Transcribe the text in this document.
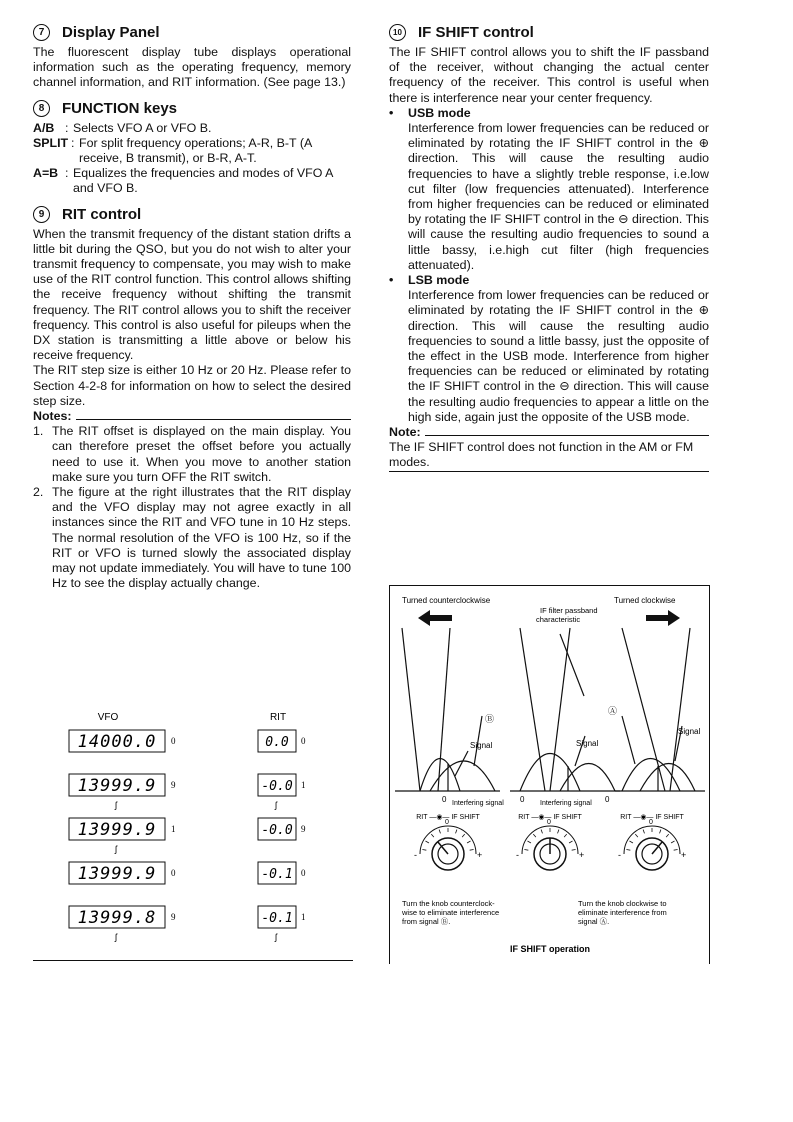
7	Display Panel

The fluorescent display tube displays operational information such as the operating frequency, memory channel information, and RIT information. (See page 13.)

8	FUNCTION keys
A/B : Selects VFO A or VFO B.
SPLIT : For split frequency operations; A-R, B-T (A receive, B transmit), or B-R, A-T.
A=B : Equalizes the frequencies and modes of VFO A and VFO B.
9	RIT control

When the transmit frequency of the distant station drifts a little bit during the QSO, but you do not wish to alter your transmit frequency to compensate, you may wish to make use of the RIT control function. This control allows shifting the receive frequency without shifting the transmit frequency. The RIT control allows you to shift the receiver frequency. This control is also useful for pileups when the DX station is transmitting a little above or below his receive frequency.

The RIT step size is either 10 Hz or 20 Hz. Please refer to Section 4-2-8 for information on how to select the desired step size.

Notes:
1. The RIT offset is displayed on the main display. You can therefore preset the offset before you actually need to use it. When you move to another station make sure you turn OFF the RIT switch.
2. The figure at the right illustrates that the RIT display and the VFO display may not agree exactly in all instances since the RIT and VFO tune in 10 Hz steps. The normal resolution of the VFO is 100 Hz, so if the RIT or VFO is turned slowly the associated display may not update immediately. You will have to tune 100 Hz to see the display actually change.
VFO	RIT
14000.0 0	0.0 0
13999.9 9	-0.0 1
ʃ	ʃ
13999.9 1	-0.0 9
ʃ
13999.9 0	-0.1 0
13999.8 9	-0.1 1
ʃ	ʃ
10 IF SHIFT control

The IF SHIFT control allows you to shift the IF passband of the receiver, without changing the actual center frequency of the receiver. This control is useful when there is interference near your center frequency.

•	USB mode

Interference from lower frequencies can be reduced or eliminated by rotating the IF SHIFT control in the ⊕ direction. This will cause the resulting audio frequencies to have a slightly treble response, i.e.low cut filter (low frequencies attenuated). Interference from higher frequencies can be reduced or eliminated by rotating the IF SHIFT control in the ⊖ direction. This will cause the resulting audio frequencies to sound a little bassy, i.e.high cut filter (high frequencies attenuated).

•	LSB mode

Interference from lower frequencies can be reduced or eliminated by rotating the IF SHIFT control in the ⊕ direction. This will cause the resulting audio frequencies to sound a little bassy, just the opposite of the effect in the USB mode. Interference from higher frequencies can be reduced or eliminated by rotating the IF SHIFT control in the ⊖ direction. This will cause the resulting audio frequencies to appear a little on the high side, again just the opposite of the USB mode.

Note:

The IF SHIFT control does not function in the AM or FM modes.

Turned counterclockwise	Turned clockwise
IF filter passband characteristic
Ⓑ
Signal	Signal
Ⓐ
Signal
0 Interfering signal 0 Interfering signal 0
RIT —◉— IF SHIFT
-	+
0
RIT —◉— IF SHIFT
-	+
0
RIT —◉— IF SHIFT
-	+
0
Turn the knob counterclock- wise to eliminate interference from signal Ⓑ.
Turn the knob clockwise to eliminate interference from signal Ⓐ.
IF SHIFT operation
